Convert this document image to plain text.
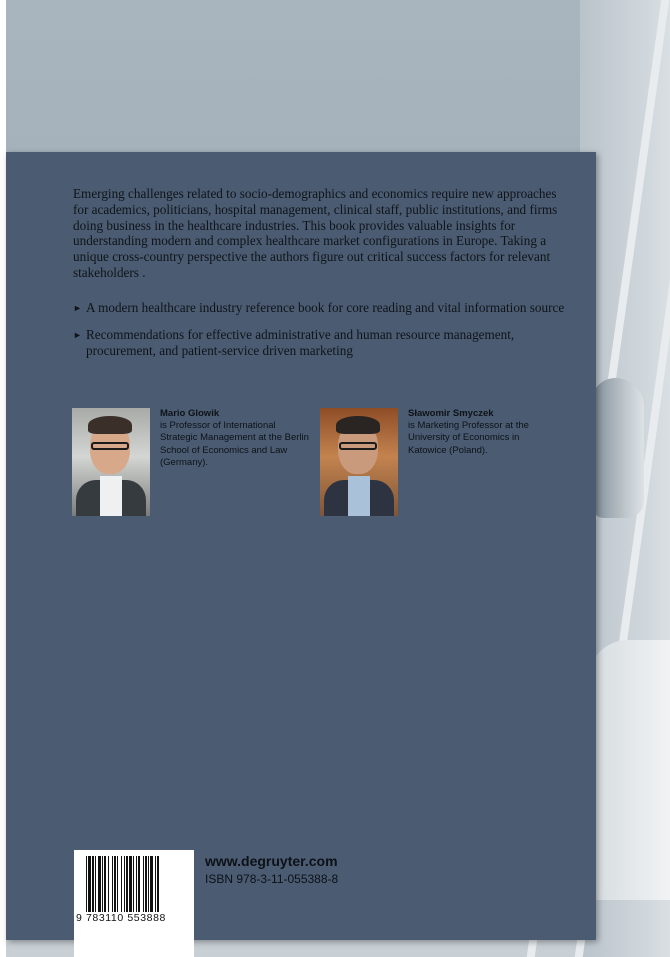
Emerging challenges related to socio-demographics and economics require new approaches for academics, politicians, hospital management, clinical staff, public institutions, and firms doing business in the healthcare industries. This book provides valuable insights for understanding modern and complex healthcare market configurations in Europe. Taking a unique cross-country perspective the authors figure out critical success factors for relevant stakeholders .

► A modern healthcare industry reference book for core reading and vital information source
► Recommendations for effective administrative and human resource management, procurement, and patient-service driven marketing
Mario Glowik
is Professor of International Strategic Management at the Berlin School of Economics and Law (Germany).
Sławomir Smyczek
is Marketing Professor at the University of Economics in Katowice (Poland).
9 783110 553888
www.degruyter.com
ISBN 978-3-11-055388-8
